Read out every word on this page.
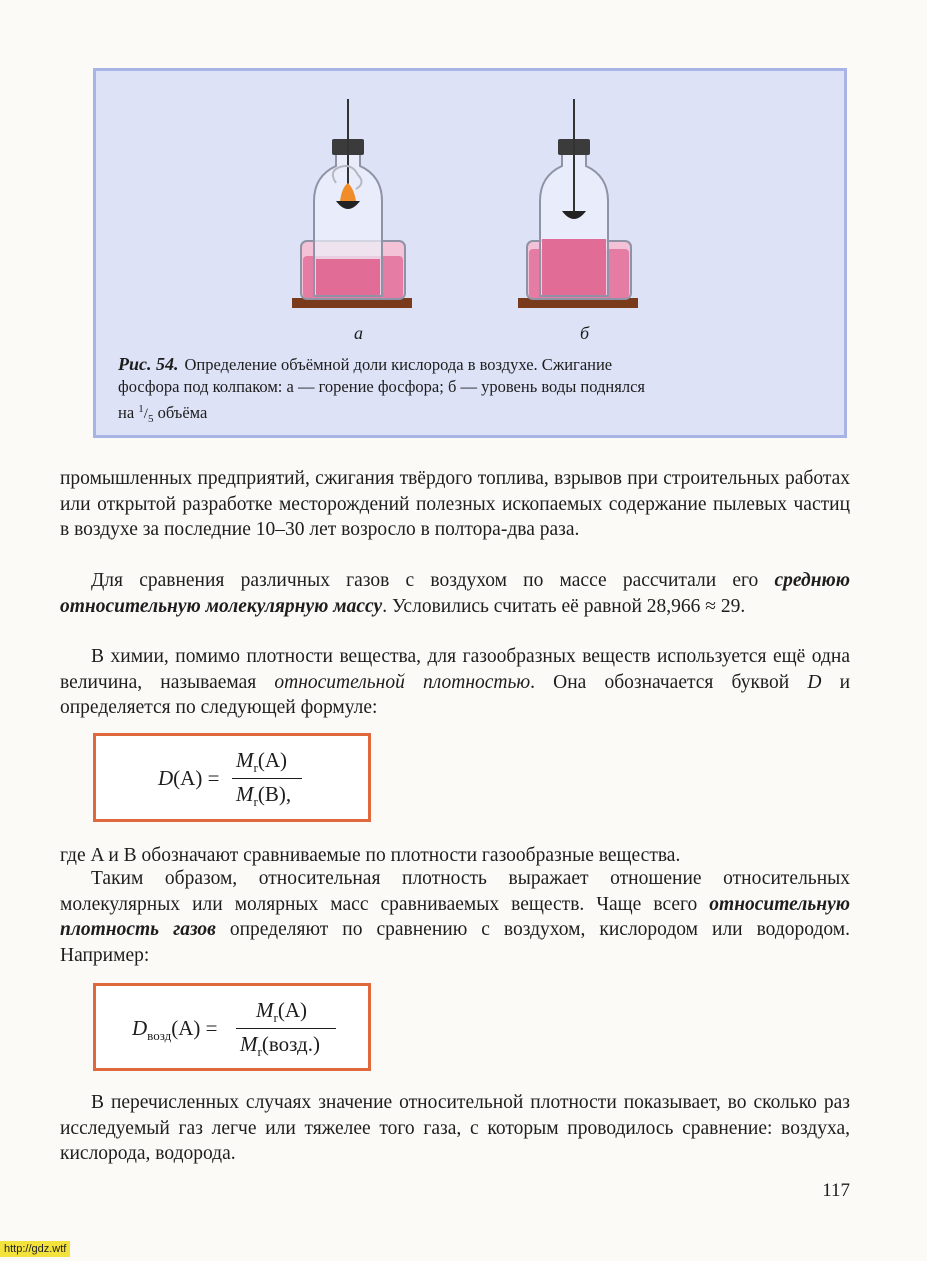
а	б
Рис. 54. Определение объёмной доли кислорода в воздухе. Сжигание
фосфора под колпаком: а — горение фосфора; б — уровень воды поднялся
на $^1/_5$ объёма
промышленных предприятий, сжигания твёрдого топлива, взрывов при строительных работах или открытой разработке месторождений полезных ископаемых содержание пылевых частиц в воздухе за последние 10–30 лет возросло в полтора-два раза.
Для сравнения различных газов с воздухом по массе рассчитали его среднюю относительную молекулярную массу. Условились считать её равной 28,966 ≈ 29.
В химии, помимо плотности вещества, для газообразных веществ используется ещё одна величина, называемая относительной плотностью. Она обозначается буквой D и определяется по следующей формуле:
D(A) =
$M_r(A)$
$M_r(B)$,
где A и B обозначают сравниваемые по плотности газообразные вещества.
Таким образом, относительная плотность выражает отношение относительных молекулярных или молярных масс сравниваемых веществ. Чаще всего относительную плотность газов определяют по сравнению с воздухом, кислородом или водородом. Например:
$D_{возд}(A)$ =
$M_r(A)$
$M_r(возд.)$
В перечисленных случаях значение относительной плотности показывает, во сколько раз исследуемый газ легче или тяжелее того газа, с которым проводилось сравнение: воздуха, кислорода, водорода.
117
http://gdz.wtf
